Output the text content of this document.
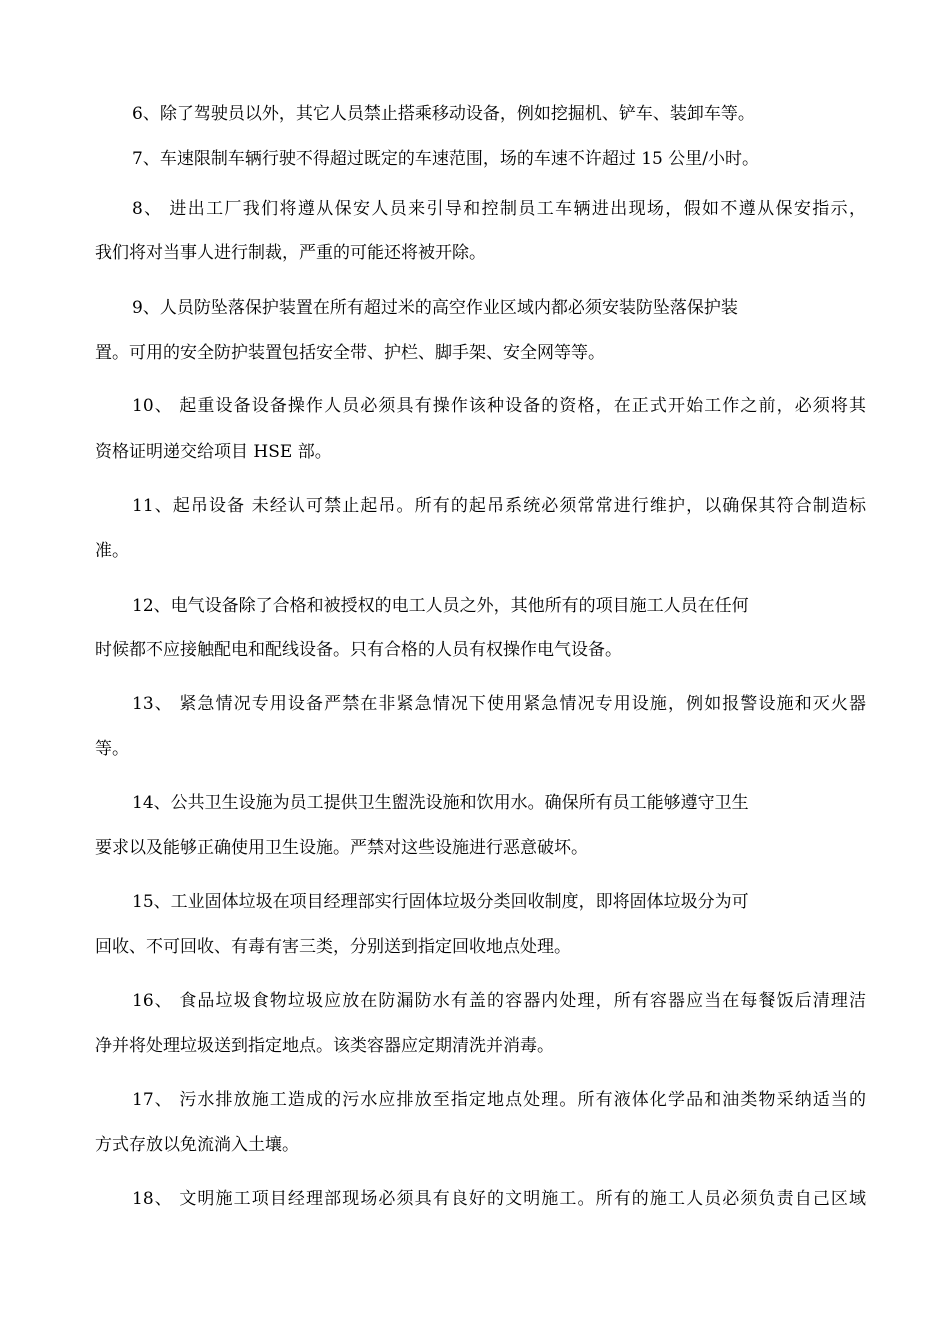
6、除了驾驶员以外，其它人员禁止搭乘移动设备，例如挖掘机、铲车、装卸车等。
7、车速限制车辆行驶不得超过既定的车速范围，场的车速不许超过 15 公里/小时。
8、 进出工厂我们将遵从保安人员来引导和控制员工车辆进出现场，假如不遵从保安指示，
我们将对当事人进行制裁，严重的可能还将被开除。
9、人员防坠落保护装置在所有超过米的高空作业区域内都必须安装防坠落保护装
置。可用的安全防护装置包括安全带、护栏、脚手架、安全网等等。
10、 起重设备设备操作人员必须具有操作该种设备的资格，在正式开始工作之前，必须将其
资格证明递交给项目 HSE 部。
11、起吊设备 未经认可禁止起吊。所有的起吊系统必须常常进行维护，以确保其符合制造标
准。
12、电气设备除了合格和被授权的电工人员之外，其他所有的项目施工人员在任何
时候都不应接触配电和配线设备。只有合格的人员有权操作电气设备。
13、 紧急情况专用设备严禁在非紧急情况下使用紧急情况专用设施，例如报警设施和灭火器
等。
14、公共卫生设施为员工提供卫生盥洗设施和饮用水。确保所有员工能够遵守卫生
要求以及能够正确使用卫生设施。严禁对这些设施进行恶意破坏。
15、工业固体垃圾在项目经理部实行固体垃圾分类回收制度，即将固体垃圾分为可
回收、不可回收、有毒有害三类，分别送到指定回收地点处理。
16、 食品垃圾食物垃圾应放在防漏防水有盖的容器内处理，所有容器应当在每餐饭后清理洁
净并将处理垃圾送到指定地点。该类容器应定期清洗并消毒。
17、 污水排放施工造成的污水应排放至指定地点处理。所有液体化学品和油类物采纳适当的
方式存放以免流淌入土壤。
18、 文明施工项目经理部现场必须具有良好的文明施工。所有的施工人员必须负责自己区域
